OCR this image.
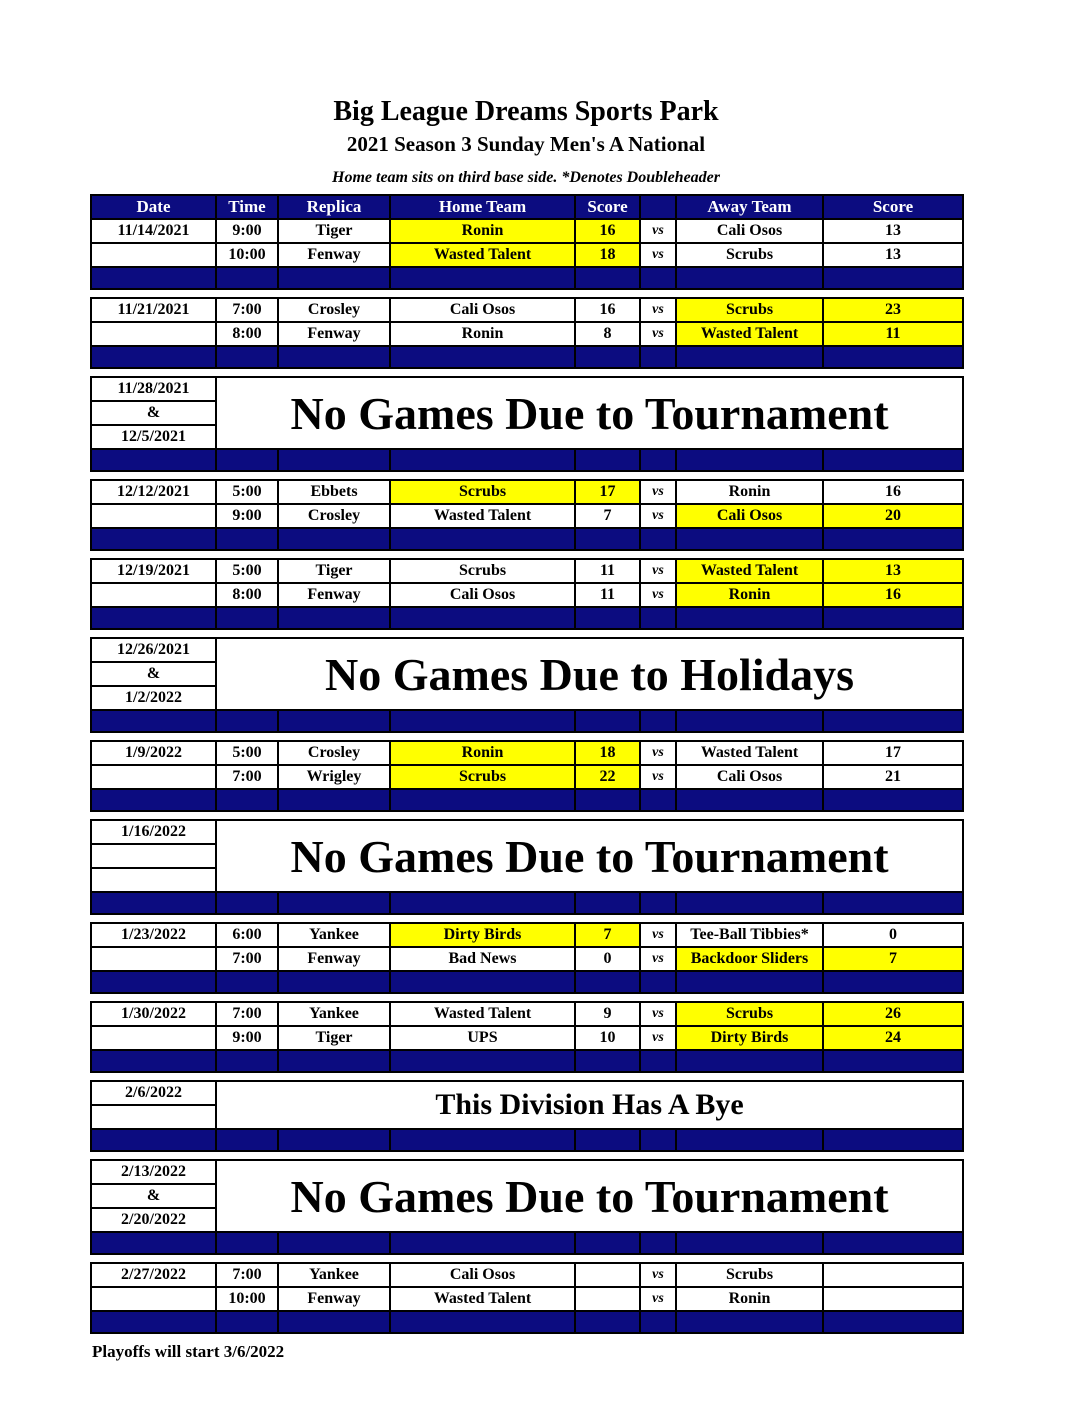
Big League Dreams Sports Park
2021 Season 3 Sunday Men's A National
Home team sits on third base side. *Denotes Doubleheader
Date	Time	Replica	Home Team	Score		Away Team	Score
11/14/2021	9:00	Tiger	Ronin	16	vs	Cali Osos	13
	10:00	Fenway	Wasted Talent	18	vs	Scrubs	13

11/21/2021	7:00	Crosley	Cali Osos	16	vs	Scrubs	23
	8:00	Fenway	Ronin	8	vs	Wasted Talent	11

11/28/2021	No Games Due to Tournament
&
12/5/2021

12/12/2021	5:00	Ebbets	Scrubs	17	vs	Ronin	16
	9:00	Crosley	Wasted Talent	7	vs	Cali Osos	20

12/19/2021	5:00	Tiger	Scrubs	11	vs	Wasted Talent	13
	8:00	Fenway	Cali Osos	11	vs	Ronin	16

12/26/2021	No Games Due to Holidays
&
1/2/2022

1/9/2022	5:00	Crosley	Ronin	18	vs	Wasted Talent	17
	7:00	Wrigley	Scrubs	22	vs	Cali Osos	21

1/16/2022	No Games Due to Tournament

1/23/2022	6:00	Yankee	Dirty Birds	7	vs	Tee-Ball Tibbies*	0
	7:00	Fenway	Bad News	0	vs	Backdoor Sliders	7

1/30/2022	7:00	Yankee	Wasted Talent	9	vs	Scrubs	26
	9:00	Tiger	UPS	10	vs	Dirty Birds	24

2/6/2022	This Division Has A Bye

2/13/2022	No Games Due to Tournament
&
2/20/2022

2/27/2022	7:00	Yankee	Cali Osos		vs	Scrubs	
	10:00	Fenway	Wasted Talent		vs	Ronin	

Playoffs will start 3/6/2022
